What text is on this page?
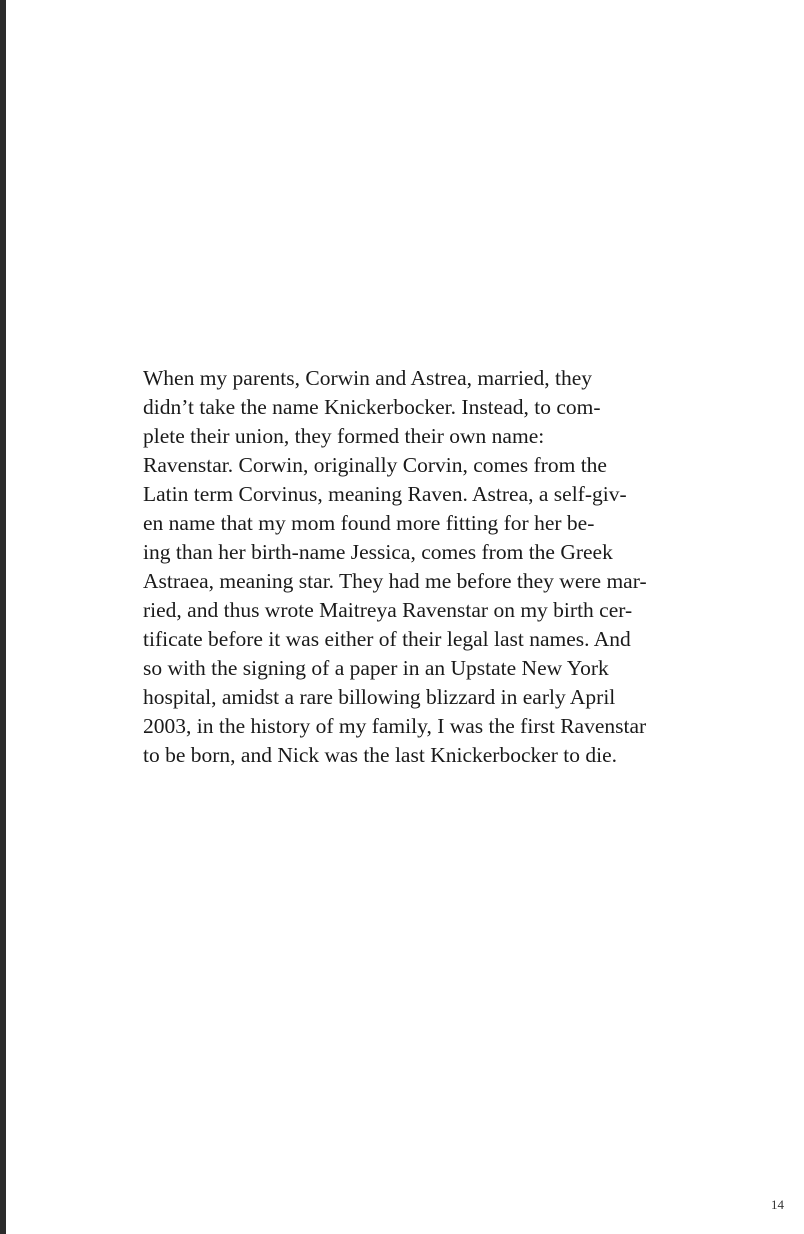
When my parents, Corwin and Astrea, married, they
didn’t take the name Knickerbocker. Instead, to com-
plete their union, they formed their own name:
Ravenstar. Corwin, originally Corvin, comes from the
Latin term Corvinus, meaning Raven. Astrea, a self-giv-
en name that my mom found more fitting for her be-
ing than her birth-name Jessica, comes from the Greek
Astraea, meaning star. They had me before they were mar-
ried, and thus wrote Maitreya Ravenstar on my birth cer-
tificate before it was either of their legal last names. And
so with the signing of a paper in an Upstate New York
hospital, amidst a rare billowing blizzard in early April
2003, in the history of my family, I was the first Ravenstar
to be born, and Nick was the last Knickerbocker to die.
14
